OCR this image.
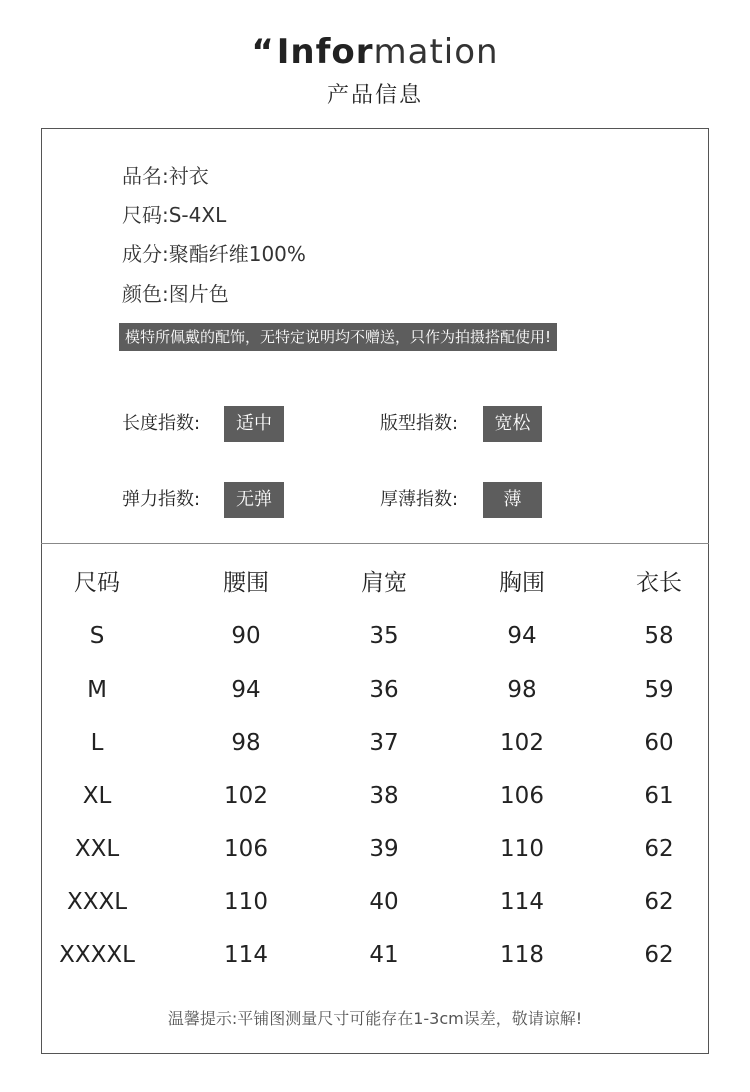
“Information
产品信息
品名:衬衣
尺码:S-4XL
成分:聚酯纤维100%
颜色:图片色
模特所佩戴的配饰，无特定说明均不赠送，只作为拍摄搭配使用!
长度指数:	适中	版型指数:	宽松
弹力指数:	无弹	厚薄指数:	薄
尺码	腰围	肩宽	胸围	衣长
S	90	35	94	58
M	94	36	98	59
L	98	37	102	60
XL	102	38	106	61
XXL	106	39	110	62
XXXL	110	40	114	62
XXXXL	114	41	118	62
温馨提示:平铺图测量尺寸可能存在1-3cm误差，敬请谅解!
